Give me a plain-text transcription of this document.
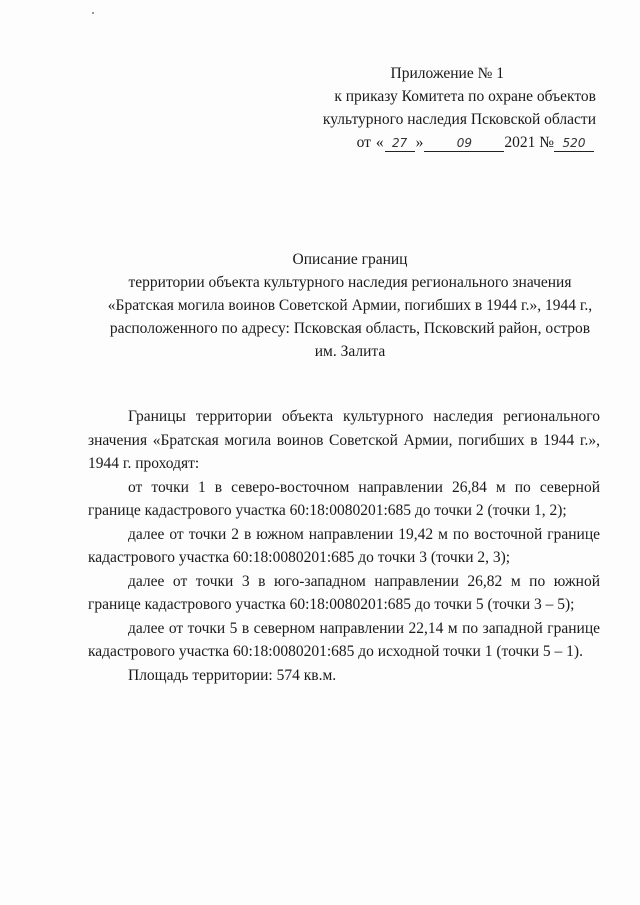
Приложение № 1
к приказу Комитета по охране объектов
культурного наследия Псковской области
от « 27 »	09 2021 № 520
Описание границ
территории объекта культурного наследия регионального значения
«Братская могила воинов Советской Армии, погибших в 1944 г.», 1944 г.,
расположенного по адресу: Псковская область, Псковский район, остров
им. Залита

Границы территории объекта культурного наследия регионального значения «Братская могила воинов Советской Армии, погибших в 1944 г.», 1944 г. проходят:

от точки 1 в северо-восточном направлении 26,84 м по северной границе кадастрового участка 60:18:0080201:685 до точки 2 (точки 1, 2);

далее от точки 2 в южном направлении 19,42 м по восточной границе кадастрового участка 60:18:0080201:685 до точки 3 (точки 2, 3);

далее от точки 3 в юго-западном направлении 26,82 м по южной границе кадастрового участка 60:18:0080201:685 до точки 5 (точки 3 – 5);

далее от точки 5 в северном направлении 22,14 м по западной границе кадастрового участка 60:18:0080201:685 до исходной точки 1 (точки 5 – 1).

Площадь территории: 574 кв.м.
